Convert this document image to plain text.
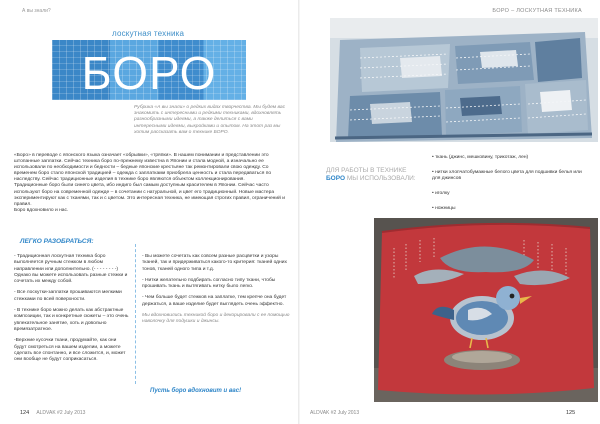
А вы знали?
лоскутная техника
БОРО
Рубрика «А вы знали» о редких видах творчества. Мы будем вас знакомить с интересными и редкими техниками, вдохновлять разнообразными идеями, а также делиться с вами интересными идеями, выкройками и опытом. На этот раз мы хотим рассказать вам о технике БОРО.

«Боро» в переводе с японского языка означает «обрывки», «тряпки». В нашем понимании и представлении это штопанные заплатки. Сейчас техника боро по-прежнему известна в Японии и стала модной, а изначально ее использовали по необходимости и бедности – бедные японские крестьяне так ремонтировали свою одежду. Со временем боро стало японской традицией – одежда с заплатками приобрела ценность и стала передаваться по наследству. Сейчас традиционные изделия в технике боро являются объектом коллекционирования.

Традиционные боро были синего цвета, ибо индиго был самым доступным красителем в Японии. Сейчас часто используют боро на современной одежде – в сочетании с натуральной, и цвет его традиционный. Новые мастера экспериментируют как с тканями, так и с цветом. Это интересная техника, не имеющая строгих правил, ограничений и правил.

Боро вдохновило и нас.

ЛЕГКО РАЗОБРАТЬСЯ:

- Традиционная лоскутная техника боро выполняется ручным стежком в любом направлении или дополнительно. (- - - - - - - -) Однако вы можете использовать разные стежки и сочетать их между собой.

- Все лоскутки-заплатки прошиваются мелкими стежками по всей поверхности.

- В технике боро можно делать как абстрактные композиции, так и конкретные сюжеты – это очень увлекательное занятие, хоть и довольно времязатратное.

-Верхние кусочки ткани, продумайте, как они будут смотреться на вашем изделии, а можете сделать все спонтанно, и все сложится, и, может они вообще не будут соприкасаться.

- Вы можете сочетать как совсем разные расцветки и узоры тканей, так и придерживаться какого-то критерия: тканей одних тонов, тканей одного типа и т.д.

- Нитки желательно подбирать согласно типу ткани, чтобы прошивать ткань и вытягивать нитку было легко.

- Чем больше будет стежков на заплатке, тем крепче она будет держаться, а ваше изделие будет выглядеть очень эффектно.

Мы вдохновились техникой боро и декорировали с ее помощью наволочку для подушки и джинсы.

Пусть боро вдохновит и вас!
124 ALDVAK #2 July 2013
БОРО – ЛОСКУТНАЯ ТЕХНИКА
ДЛЯ РАБОТЫ В ТЕХНИКЕ
БОРО МЫ ИСПОЛЬЗОВАЛИ:

• ткань (джинс, мешковину, трикотаж, лен)

• нитки хлопчатобумажные белого цвета для подшивки белья или для джинсов

• иголку

• ножницы

ALDVAK #2 July 2013	125
